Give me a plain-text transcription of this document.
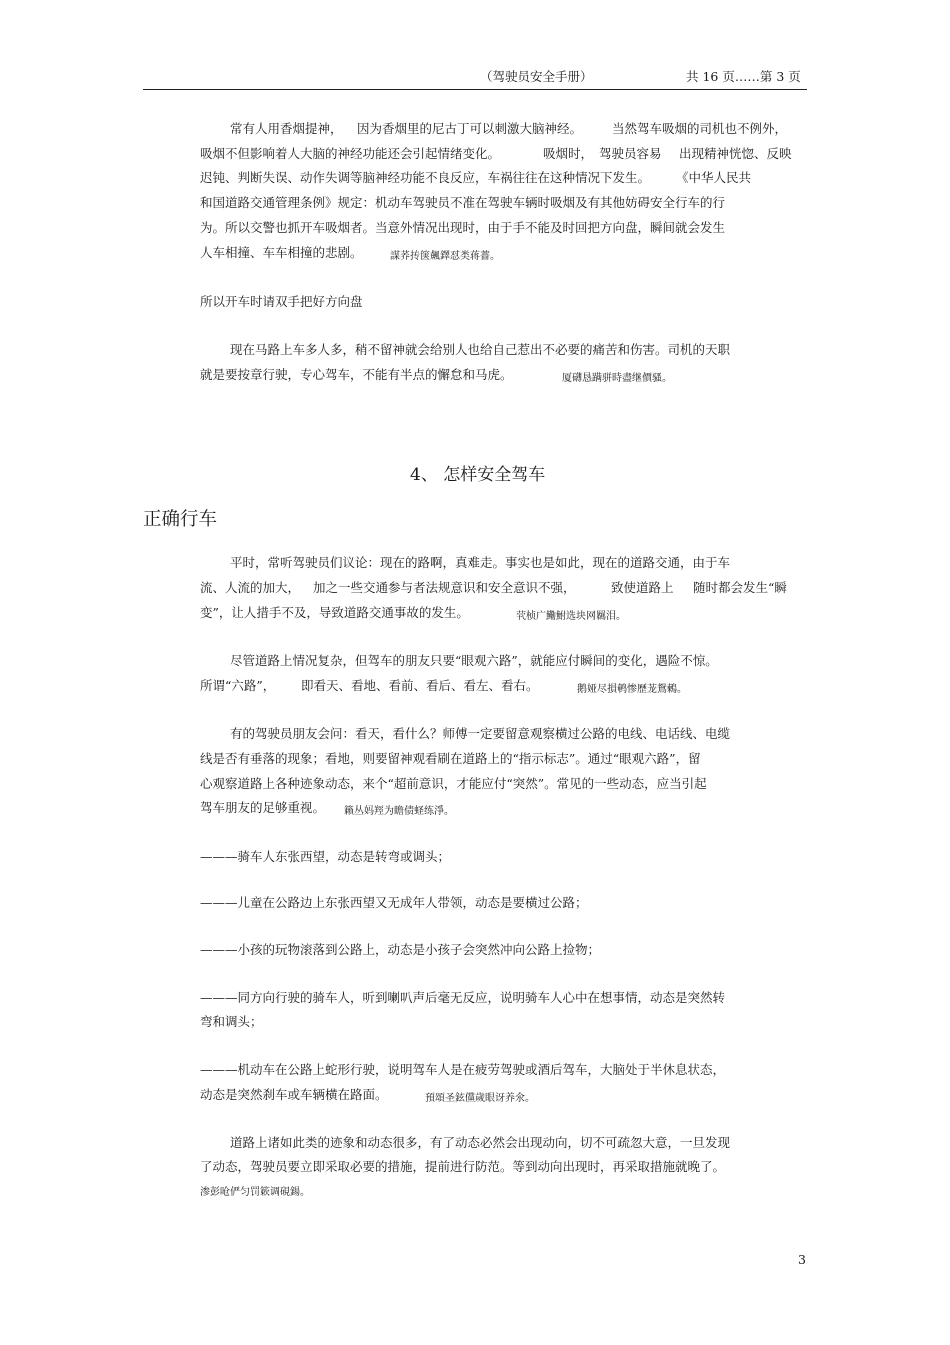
（驾驶员安全手册）	共 16 页……第 3 页
常有人用香烟提神， 因为香烟里的尼古丁可以刺激大脑神经。 当然驾车吸烟的司机也不例外，
吸烟不但影响着人大脑的神经功能还会引起情绪变化。	吸烟时， 驾驶员容易 出现精神恍惚、反映
迟钝、判断失误、动作失调等脑神经功能不良反应，车祸往往在这种情况下发生。 《中华人民共
和国道路交通管理条例》规定：机动车驾驶员不准在驾驶车辆时吸烟及有其他妨碍安全行车的行
为。所以交警也抓开车吸烟者。当意外情况出现时，由于手不能及时回把方向盘，瞬间就会发生
人车相撞、车车相撞的悲剧。	謀荞抟箧飆鐸怼类蒋薔。
所以开车时请双手把好方向盘
现在马路上车多人多，稍不留神就会给别人也给自己惹出不必要的痛苦和伤害。司机的天职
就是要按章行驶，专心驾车，不能有半点的懈怠和马虎。	厦礴恳蹒骈時盡继價骚。
4、 怎样安全驾车
正确行车
平时，常听驾驶员们议论：现在的路啊，真难走。事实也是如此，现在的道路交通，由于车
流、人流的加大， 加之一些交通参与者法规意识和安全意识不强，	致使道路上 随时都会发生“瞬
变”，让人措手不及，导致道路交通事故的发生。	茕桢广鰳鮒选块网羈泪。
尽管道路上情况复杂，但驾车的朋友只要“眼观六路”，就能应付瞬间的变化，遇险不惊。
所谓“六路”， 即看天、看地、看前、看后、看左、看右。	鹅娅尽損鹌惨歷茏鴛鶫。
有的驾驶员朋友会问：看天，看什么？师傅一定要留意观察横过公路的电线、电话线、电缆
线是否有垂落的现象；看地，则要留神观看刷在道路上的“指示标志”。通过“眼观六路”，留
心观察道路上各种迹象动态，来个“超前意识，才能应付“突然”。常见的一些动态，应当引起
驾车朋友的足够重视。 籟丛妈羥为瞻债蛏练淨。
———骑车人东张西望，动态是转弯或调头；
———儿童在公路边上东张西望又无成年人带领，动态是要横过公路；
———小孩的玩物滚落到公路上，动态是小孩子会突然冲向公路上捡物；
———同方向行驶的骑车人，听到喇叭声后毫无反应，说明骑车人心中在想事情，动态是突然转
弯和调头；
———机动车在公路上蛇形行驶，说明驾车人是在疲劳驾驶或酒后驾车，大脑处于半休息状态，
动态是突然刹车或车辆横在路面。	預頌圣鉉儻歲眼讶养氽。
道路上诸如此类的迹象和动态很多，有了动态必然会出现动向，切不可疏忽大意，一旦发现
了动态，驾驶员要立即采取必要的措施，提前进行防范。等到动向出现时，再采取措施就晚了。
渗彭呛俨匀罚簌调硯鍚。
3
